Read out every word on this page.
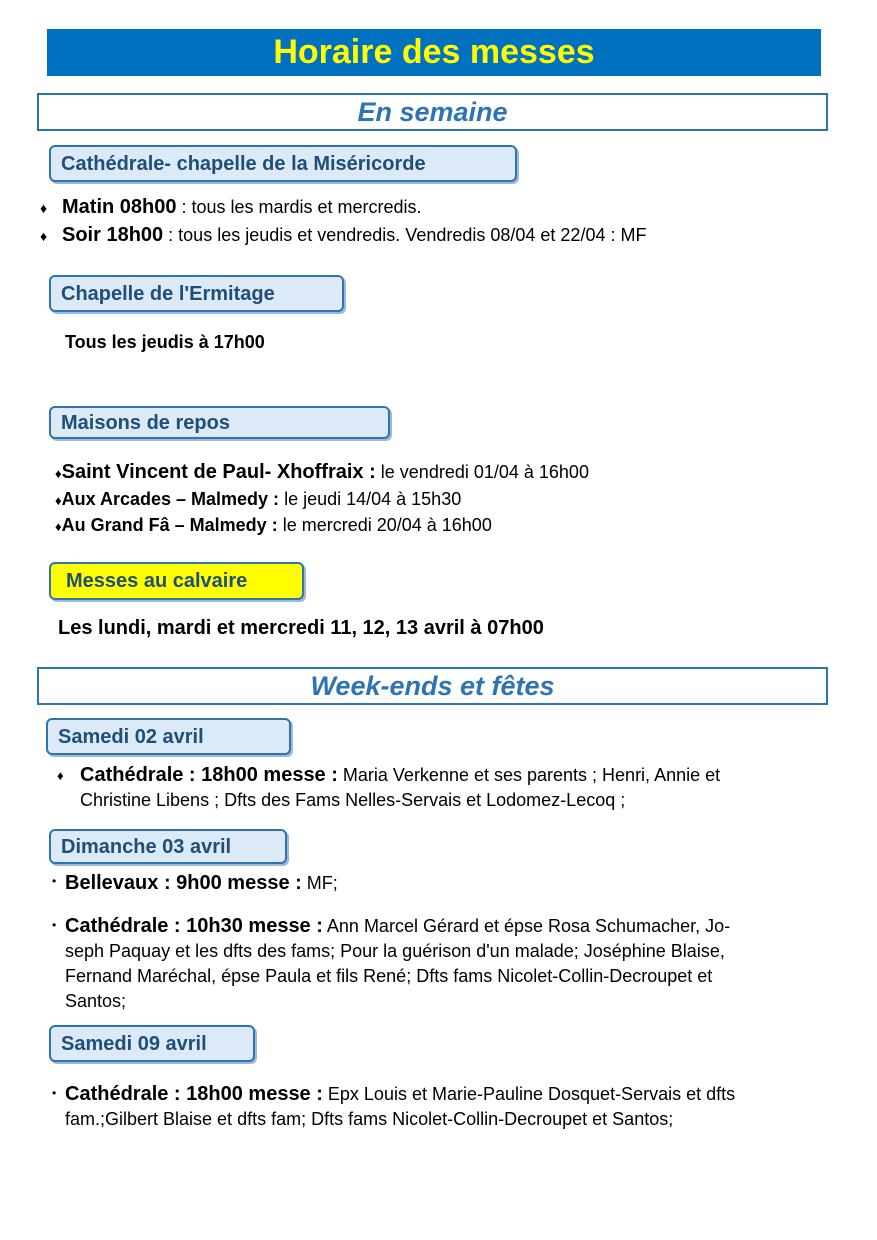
Horaire des messes
En semaine
Cathédrale- chapelle de la Miséricorde
♦ Matin 08h00 : tous les mardis et mercredis.
♦ Soir 18h00 : tous les jeudis et vendredis. Vendredis 08/04 et 22/04 : MF
Chapelle de l'Ermitage
Tous les jeudis à 17h00
Maisons de repos
♦Saint Vincent de Paul- Xhoffraix : le vendredi 01/04 à 16h00
♦Aux Arcades – Malmedy : le jeudi 14/04 à 15h30
♦Au Grand Fâ – Malmedy : le mercredi 20/04 à 16h00
Messes au calvaire
Les lundi, mardi et mercredi 11, 12, 13 avril à 07h00
Week-ends et fêtes
Samedi 02 avril
♦ Cathédrale : 18h00 messe : Maria Verkenne et ses parents ; Henri, Annie et
Christine Libens ; Dfts des Fams Nelles-Servais et Lodomez-Lecoq ;
Dimanche 03 avril
• Bellevaux : 9h00 messe : MF;
• Cathédrale : 10h30 messe : Ann Marcel Gérard et épse Rosa Schumacher, Jo-
seph Paquay et les dfts des fams; Pour la guérison d'un malade; Joséphine Blaise,
Fernand Maréchal, épse Paula et fils René; Dfts fams Nicolet-Collin-Decroupet et
Santos;
Samedi 09 avril
• Cathédrale : 18h00 messe : Epx Louis et Marie-Pauline Dosquet-Servais et dfts
fam.;Gilbert Blaise et dfts fam; Dfts fams Nicolet-Collin-Decroupet et Santos;
